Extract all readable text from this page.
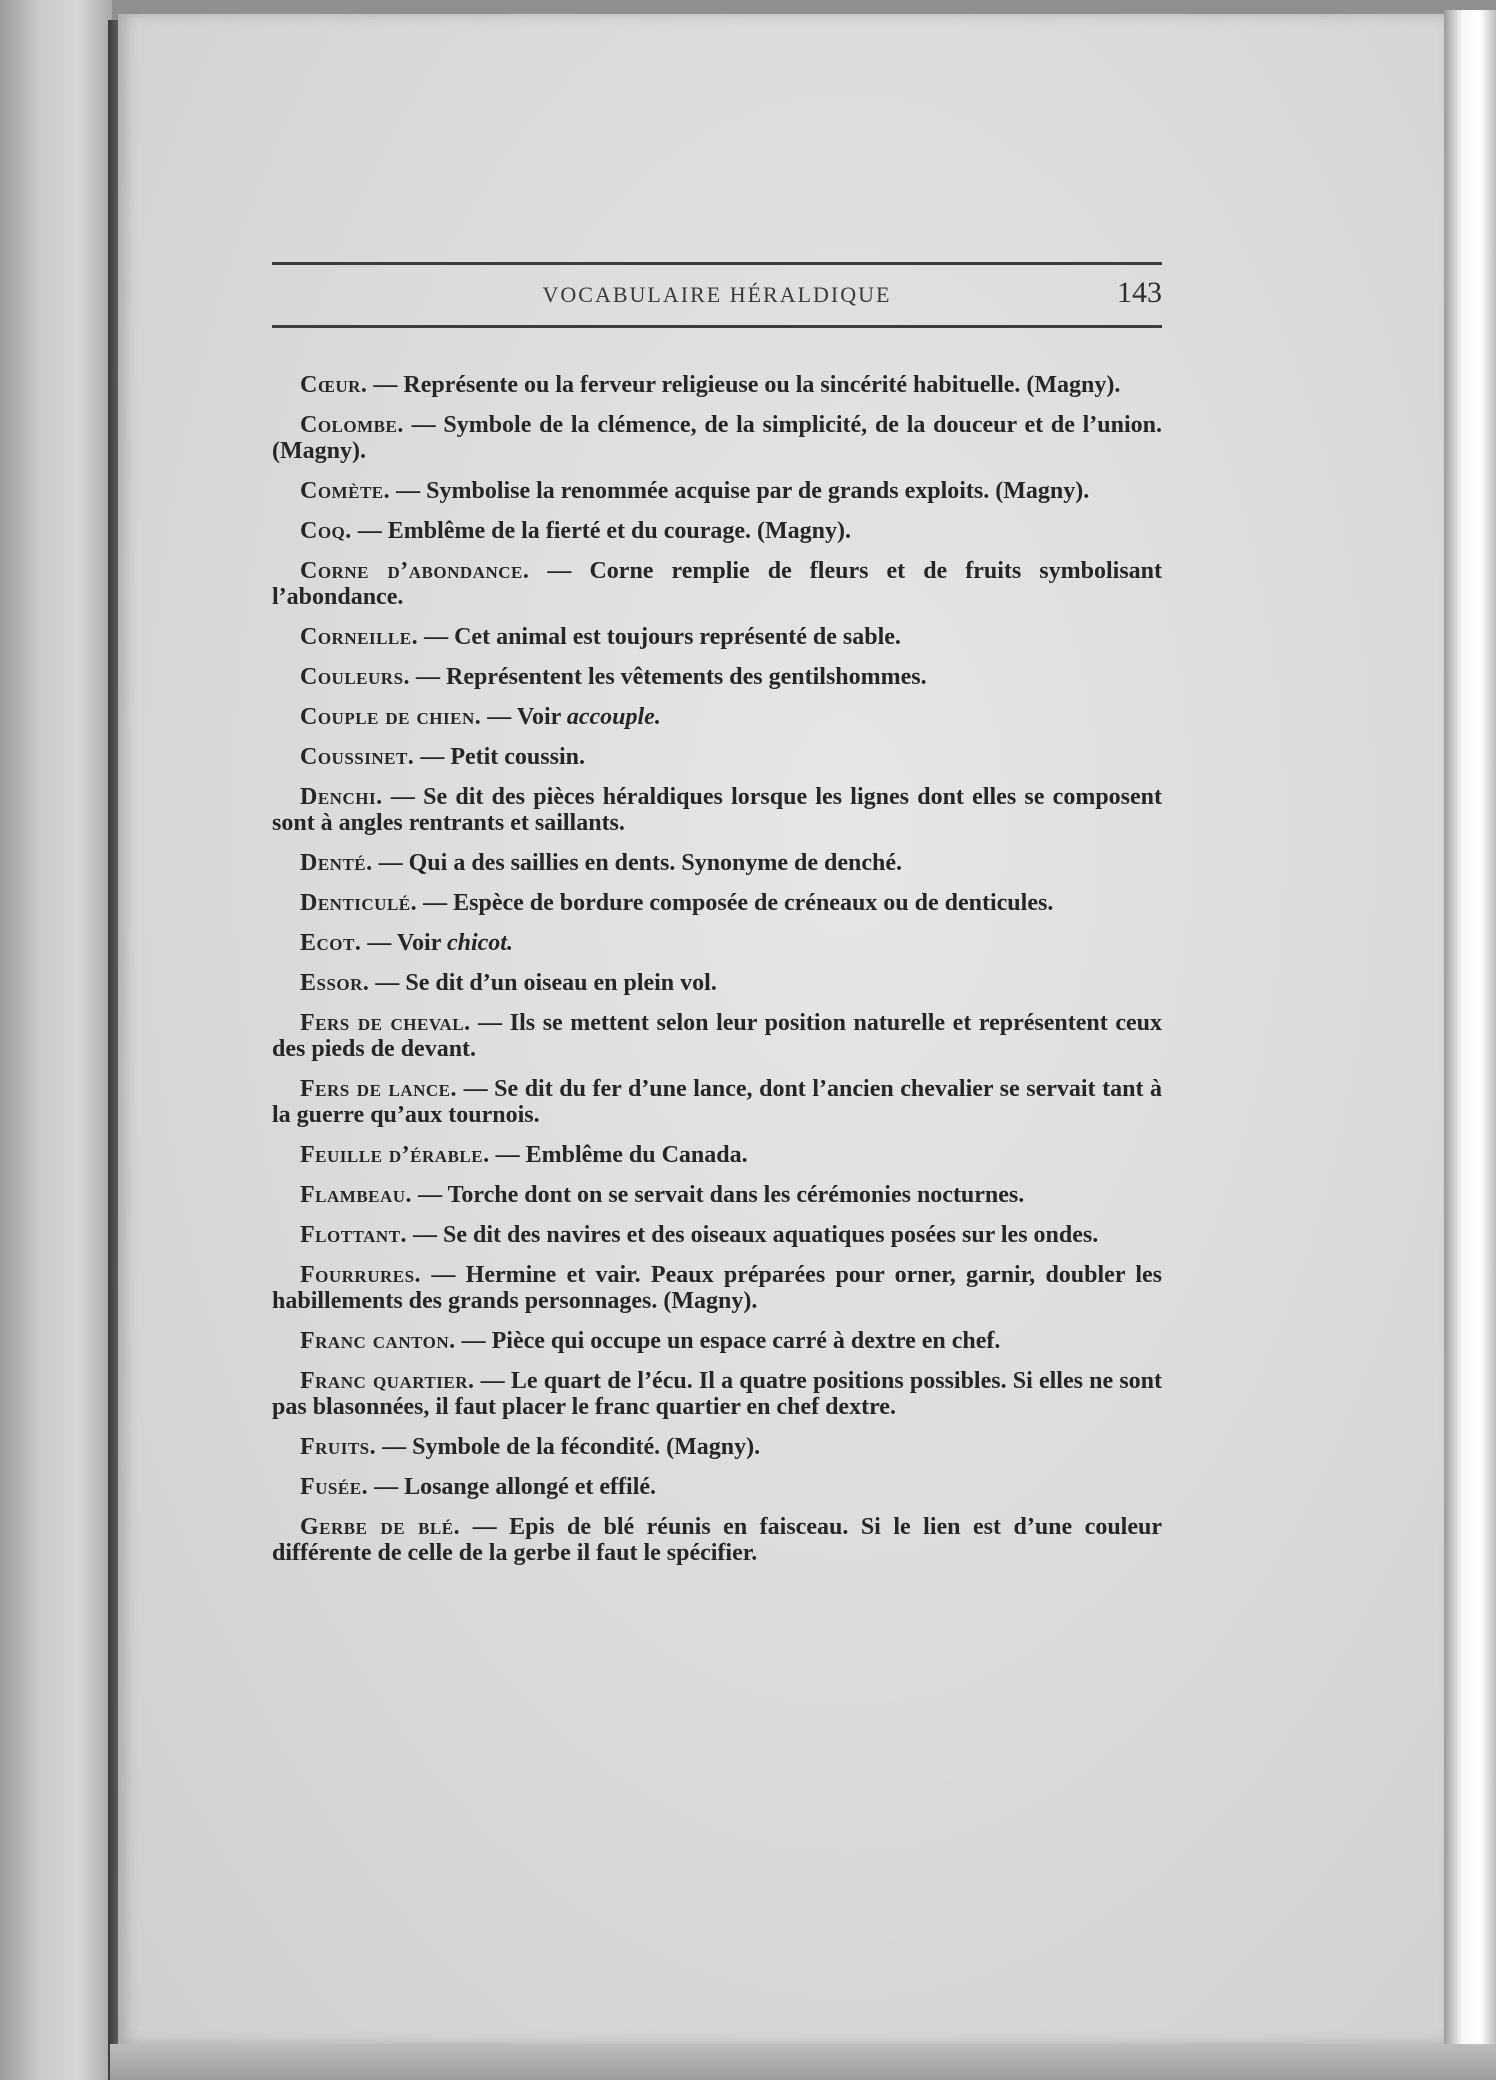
VOCABULAIRE HÉRALDIQUE	143

Cœur. — Représente ou la ferveur religieuse ou la sincérité habituelle. (Magny).

Colombe. — Symbole de la clémence, de la simplicité, de la douceur et de l’union. (Magny).

Comète. — Symbolise la renommée acquise par de grands exploits. (Magny).

Coq. — Emblême de la fierté et du courage. (Magny).

Corne d’abondance. — Corne remplie de fleurs et de fruits symbolisant l’abondance.

Corneille. — Cet animal est toujours représenté de sable.

Couleurs. — Représentent les vêtements des gentilshommes.

Couple de chien. — Voir accouple.

Coussinet. — Petit coussin.

Denchi. — Se dit des pièces héraldiques lorsque les lignes dont elles se composent sont à angles rentrants et saillants.

Denté. — Qui a des saillies en dents. Synonyme de denché.

Denticulé. — Espèce de bordure composée de créneaux ou de denticules.

Ecot. — Voir chicot.

Essor. — Se dit d’un oiseau en plein vol.

Fers de cheval. — Ils se mettent selon leur position naturelle et représentent ceux des pieds de devant.

Fers de lance. — Se dit du fer d’une lance, dont l’ancien chevalier se servait tant à la guerre qu’aux tournois.

Feuille d’érable. — Emblême du Canada.

Flambeau. — Torche dont on se servait dans les cérémonies nocturnes.

Flottant. — Se dit des navires et des oiseaux aquatiques posées sur les ondes.

Fourrures. — Hermine et vair. Peaux préparées pour orner, garnir, doubler les habillements des grands personnages. (Magny).

Franc canton. — Pièce qui occupe un espace carré à dextre en chef.

Franc quartier. — Le quart de l’écu. Il a quatre positions possibles. Si elles ne sont pas blasonnées, il faut placer le franc quartier en chef dextre.

Fruits. — Symbole de la fécondité. (Magny).

Fusée. — Losange allongé et effilé.

Gerbe de blé. — Epis de blé réunis en faisceau. Si le lien est d’une couleur différente de celle de la gerbe il faut le spécifier.
